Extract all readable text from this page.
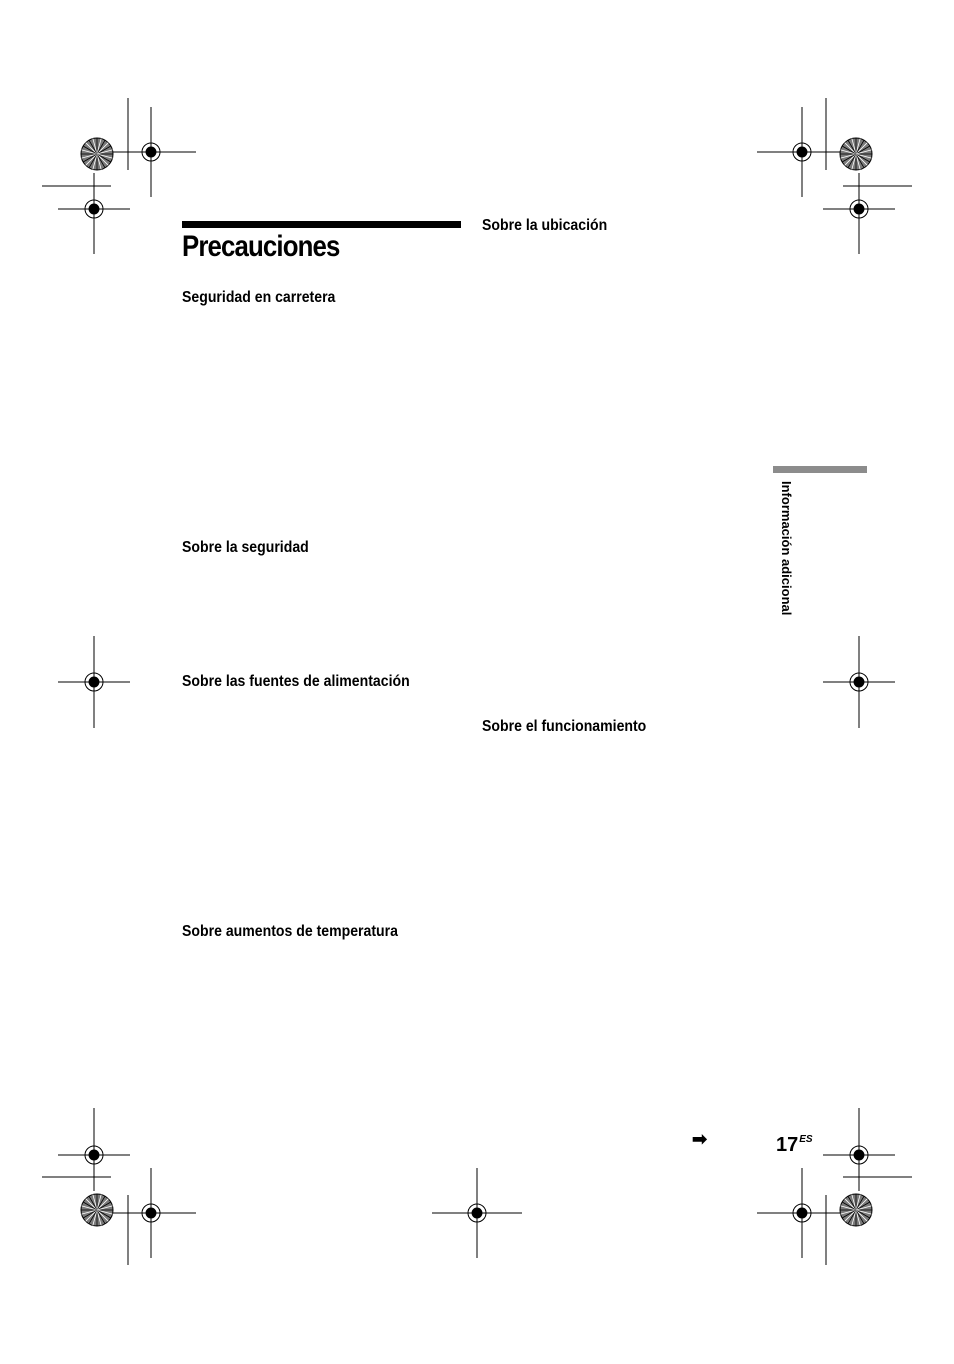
Precauciones
Seguridad en carretera
Sobre la seguridad
Sobre las fuentes de alimentación
Sobre aumentos de temperatura
Sobre la ubicación
Sobre el funcionamiento
Información adicional
➡	$17^{ES}$
